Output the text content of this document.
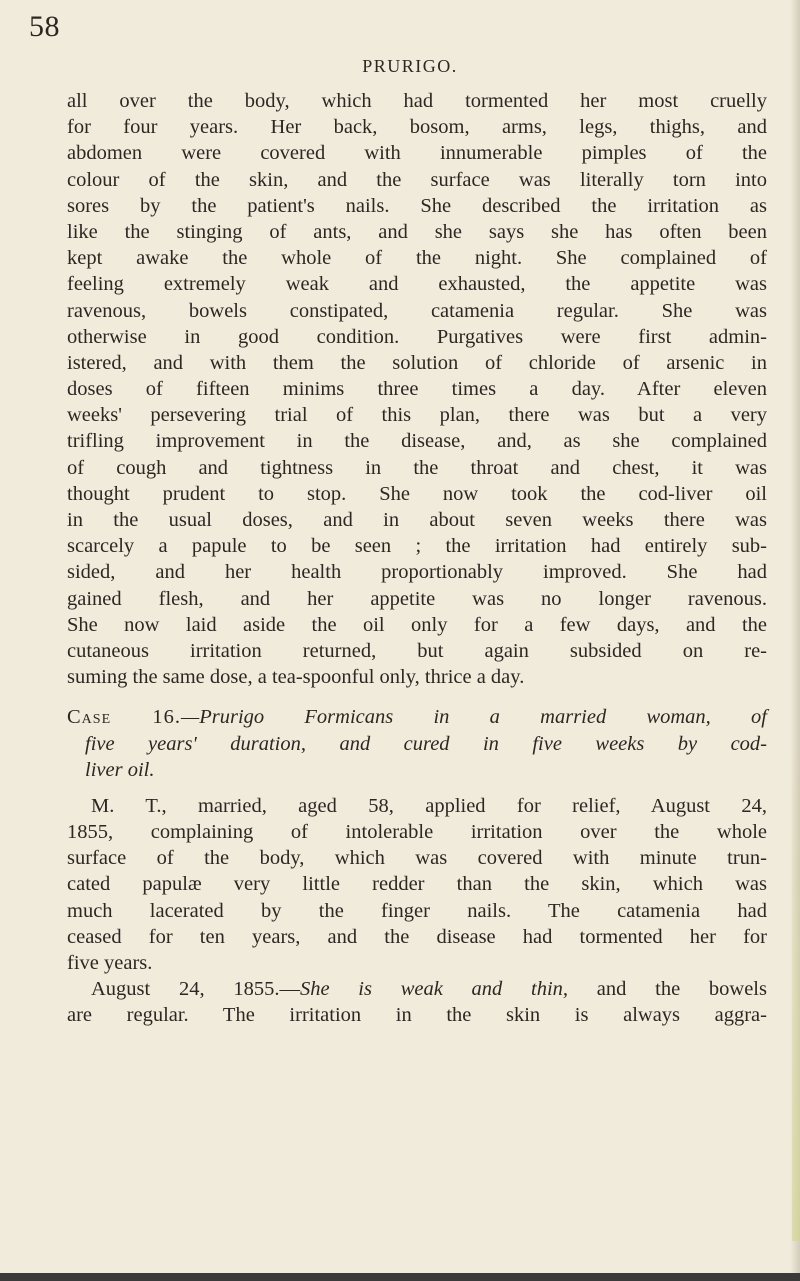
58
PRURIGO.
all over the body, which had tormented her most cruelly
for four years. Her back, bosom, arms, legs, thighs, and
abdomen were covered with innumerable pimples of the
colour of the skin, and the surface was literally torn into
sores by the patient's nails. She described the irritation as
like the stinging of ants, and she says she has often been
kept awake the whole of the night. She complained of
feeling extremely weak and exhausted, the appetite was
ravenous, bowels constipated, catamenia regular. She was
otherwise in good condition. Purgatives were first admin-
istered, and with them the solution of chloride of arsenic in
doses of fifteen minims three times a day. After eleven
weeks' persevering trial of this plan, there was but a very
trifling improvement in the disease, and, as she complained
of cough and tightness in the throat and chest, it was
thought prudent to stop. She now took the cod-liver oil
in the usual doses, and in about seven weeks there was
scarcely a papule to be seen ; the irritation had entirely sub-
sided, and her health proportionably improved. She had
gained flesh, and her appetite was no longer ravenous.
She now laid aside the oil only for a few days, and the
cutaneous irritation returned, but again subsided on re-
suming the same dose, a tea-spoonful only, thrice a day.
Case 16.—Prurigo Formicans in a married woman, of
five years' duration, and cured in five weeks by cod-
liver oil.
M. T., married, aged 58, applied for relief, August 24,
1855, complaining of intolerable irritation over the whole
surface of the body, which was covered with minute trun-
cated papulæ very little redder than the skin, which was
much lacerated by the finger nails. The catamenia had
ceased for ten years, and the disease had tormented her for
five years.
August 24, 1855.—She is weak and thin, and the bowels
are regular. The irritation in the skin is always aggra-
